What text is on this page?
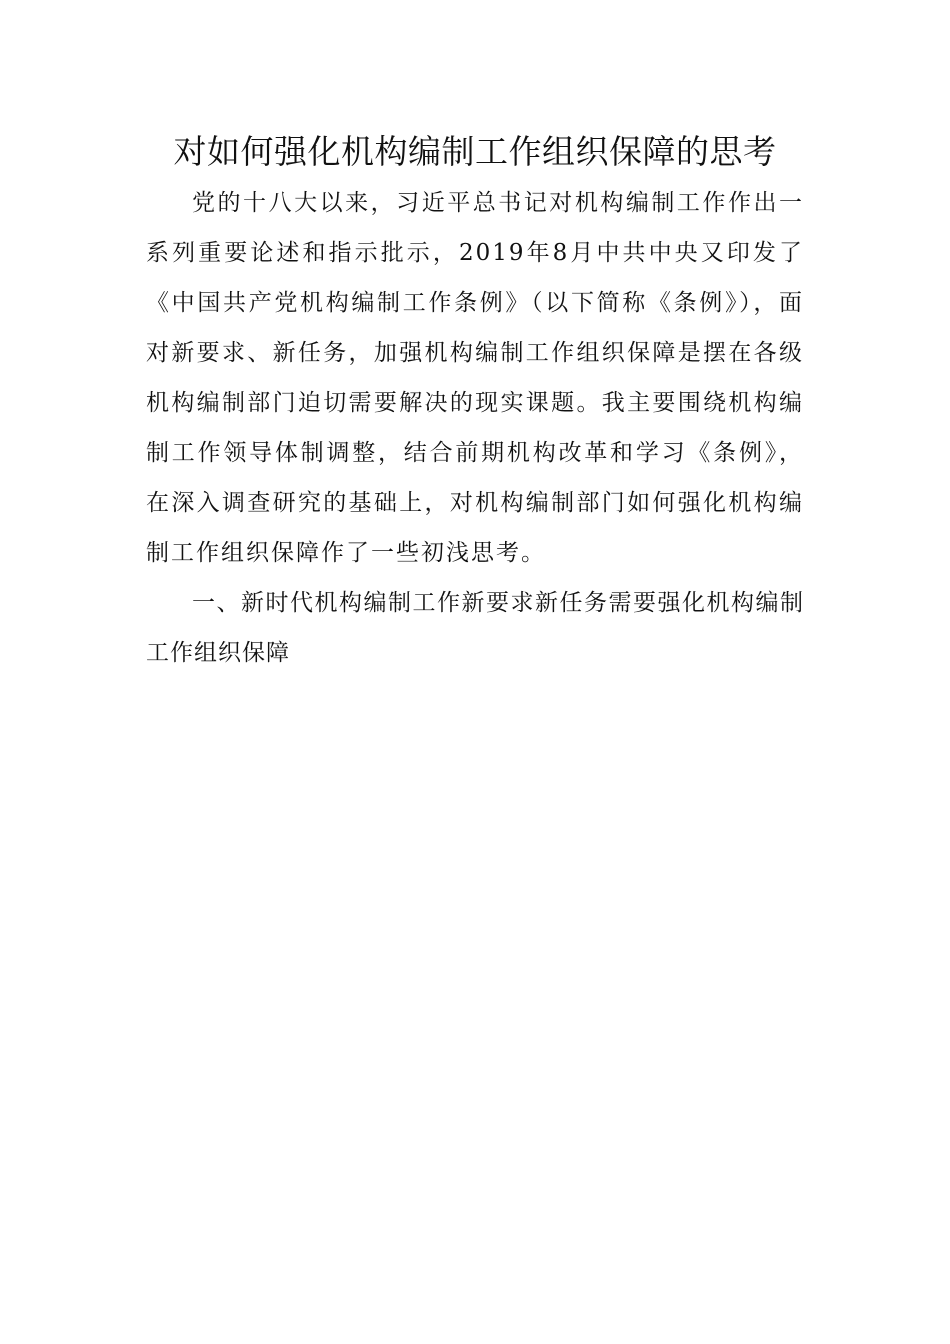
对如何强化机构编制工作组织保障的思考

党的十八大以来，习近平总书记对机构编制工作作出一系列重要论述和指示批示，2019年8月中共中央又印发了《中国共产党机构编制工作条例》（以下简称《条例》），面对新要求、新任务，加强机构编制工作组织保障是摆在各级机构编制部门迫切需要解决的现实课题。我主要围绕机构编制工作领导体制调整，结合前期机构改革和学习《条例》，在深入调查研究的基础上，对机构编制部门如何强化机构编制工作组织保障作了一些初浅思考。

一、新时代机构编制工作新要求新任务需要强化机构编制工作组织保障
